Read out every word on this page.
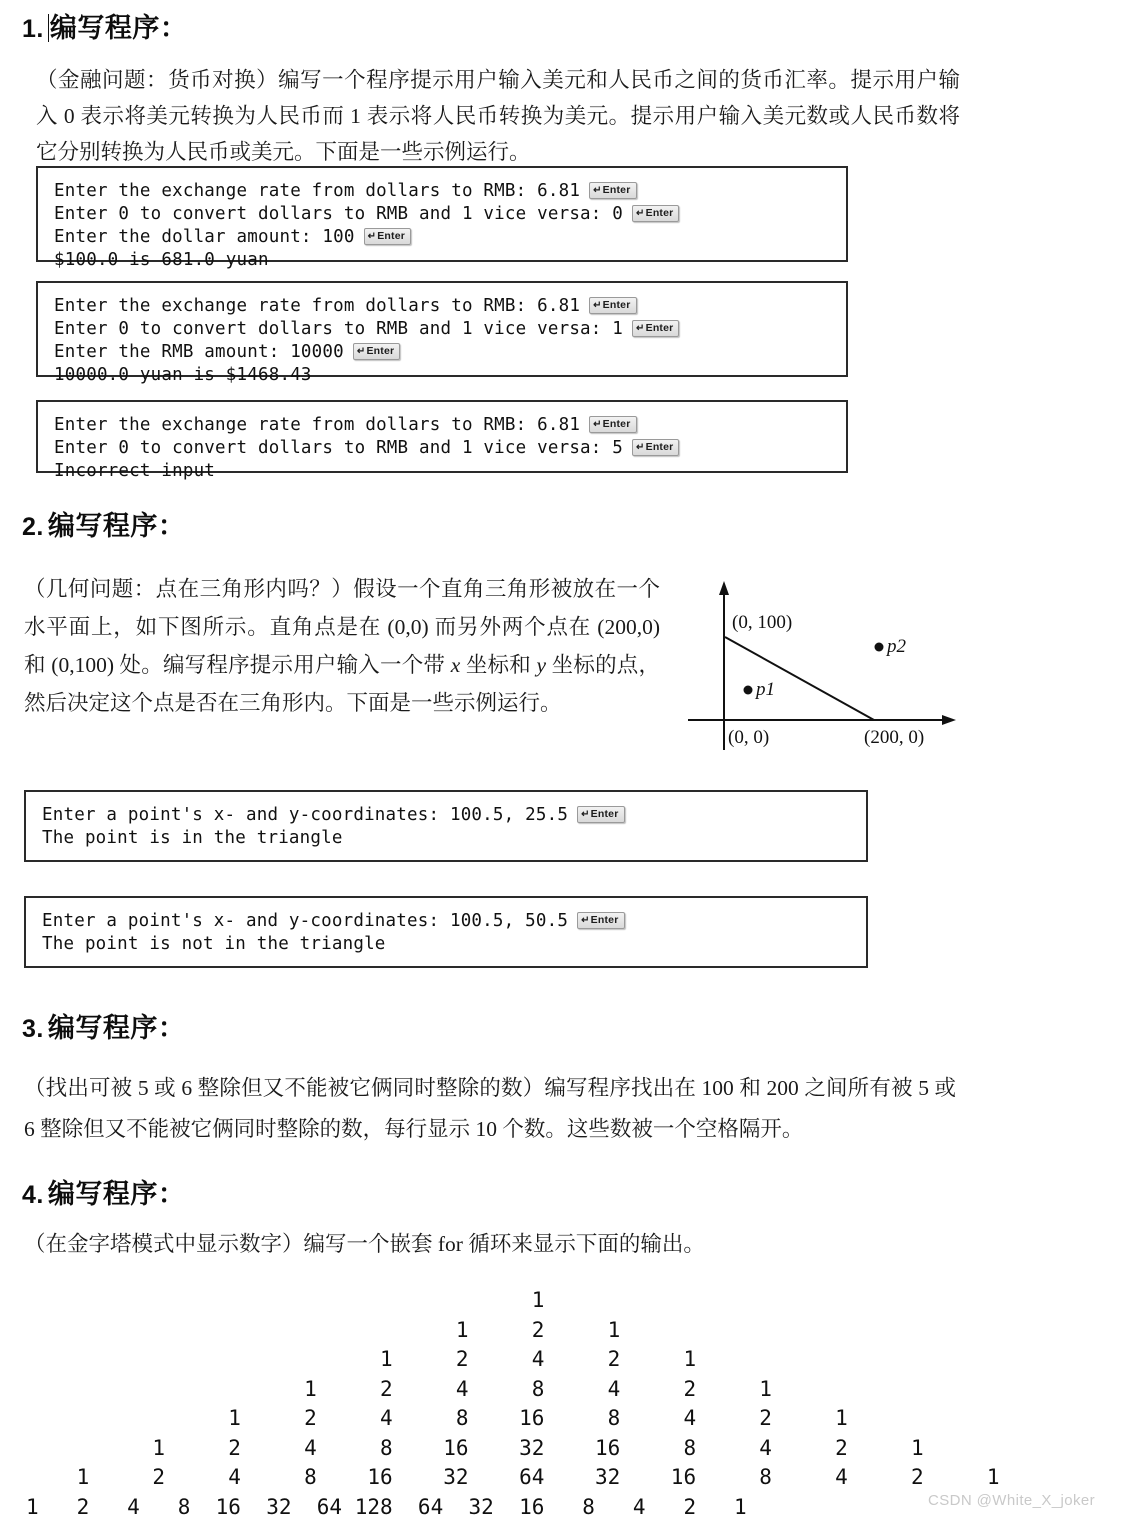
1. 编写程序：
（金融问题：货币对换）编写一个程序提示用户输入美元和人民币之间的货币汇率。提示用户输入 0 表示将美元转换为人民币而 1 表示将人民币转换为美元。提示用户输入美元数或人民币数将它分别转换为人民币或美元。下面是一些示例运行。
Enter the exchange rate from dollars to RMB: 6.81 ↵Enter
Enter 0 to convert dollars to RMB and 1 vice versa: 0 ↵Enter
Enter the dollar amount: 100 ↵Enter
$100.0 is 681.0 yuan
Enter the exchange rate from dollars to RMB: 6.81 ↵Enter
Enter 0 to convert dollars to RMB and 1 vice versa: 1 ↵Enter
Enter the RMB amount: 10000 ↵Enter
10000.0 yuan is $1468.43
Enter the exchange rate from dollars to RMB: 6.81 ↵Enter
Enter 0 to convert dollars to RMB and 1 vice versa: 5 ↵Enter
Incorrect input
2. 编写程序：
（几何问题：点在三角形内吗？）假设一个直角三角形被放在一个水平面上，如下图所示。直角点是在 (0,0) 而另外两个点在 (200,0) 和 (0,100) 处。编写程序提示用户输入一个带 x 坐标和 y 坐标的点，然后决定这个点是否在三角形内。下面是一些示例运行。
(0, 100)
(0, 0)	(200, 0)
p1
p2
Enter a point's x- and y-coordinates: 100.5, 25.5 ↵Enter
The point is in the triangle
Enter a point's x- and y-coordinates: 100.5, 50.5 ↵Enter
The point is not in the triangle
3. 编写程序：
（找出可被 5 或 6 整除但又不能被它俩同时整除的数）编写程序找出在 100 和 200 之间所有被 5 或 6 整除但又不能被它俩同时整除的数，每行显示 10 个数。这些数被一个空格隔开。
4. 编写程序：
（在金字塔模式中显示数字）编写一个嵌套 for 循环来显示下面的输出。
1
1     2     1
1     2     4     2     1
1     2     4     8     4     2     1
1     2     4     8    16     8     4     2     1
1     2     4     8    16    32    16     8     4     2     1
1     2     4     8    16    32    64    32    16     8     4     2     1
1   2   4   8  16  32  64 128  64  32  16   8   4   2   1	CSDN @White_X_joker
